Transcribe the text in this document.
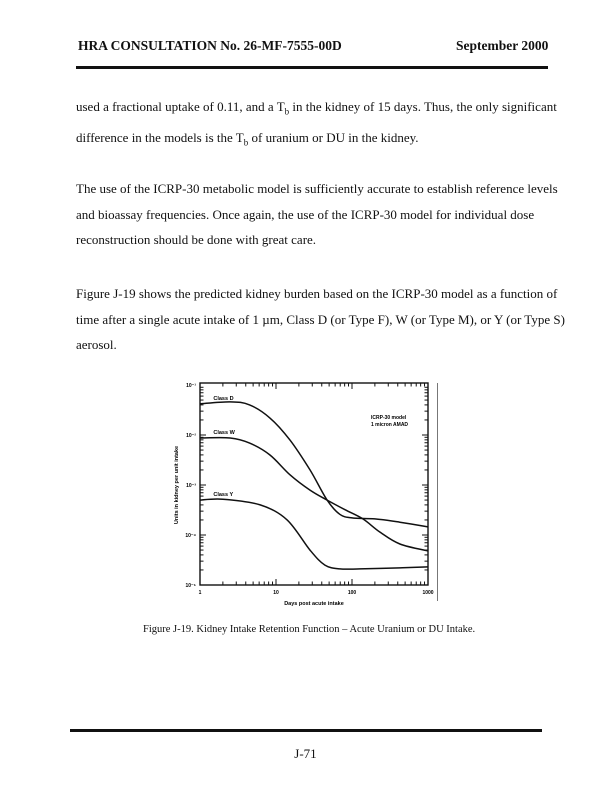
HRA CONSULTATION No. 26-MF-7555-00D	September 2000

used a fractional uptake of 0.11, and a $T_b$ in the kidney of 15 days. Thus, the only significant difference in the models is the $T_b$ of uranium or DU in the kidney.

The use of the ICRP-30 metabolic model is sufficiently accurate to establish reference levels and bioassay frequencies. Once again, the use of the ICRP-30 model for individual dose reconstruction should be done with great care.

Figure J-19 shows the predicted kidney burden based on the ICRP-30 model as a function of time after a single acute intake of 1 µm, Class D (or Type F), W (or Type M), or Y (or Type S) aerosol.

1	10	100	1000
10⁻¹
10⁻²
10⁻³
10⁻⁴
10⁻⁵
Class D
Class W
Class Y
ICRP-30 model
1 micron AMAD
Days post acute intake
Units in kidney per unit intake
Figure J-19. Kidney Intake Retention Function – Acute Uranium or DU Intake.
J-71
